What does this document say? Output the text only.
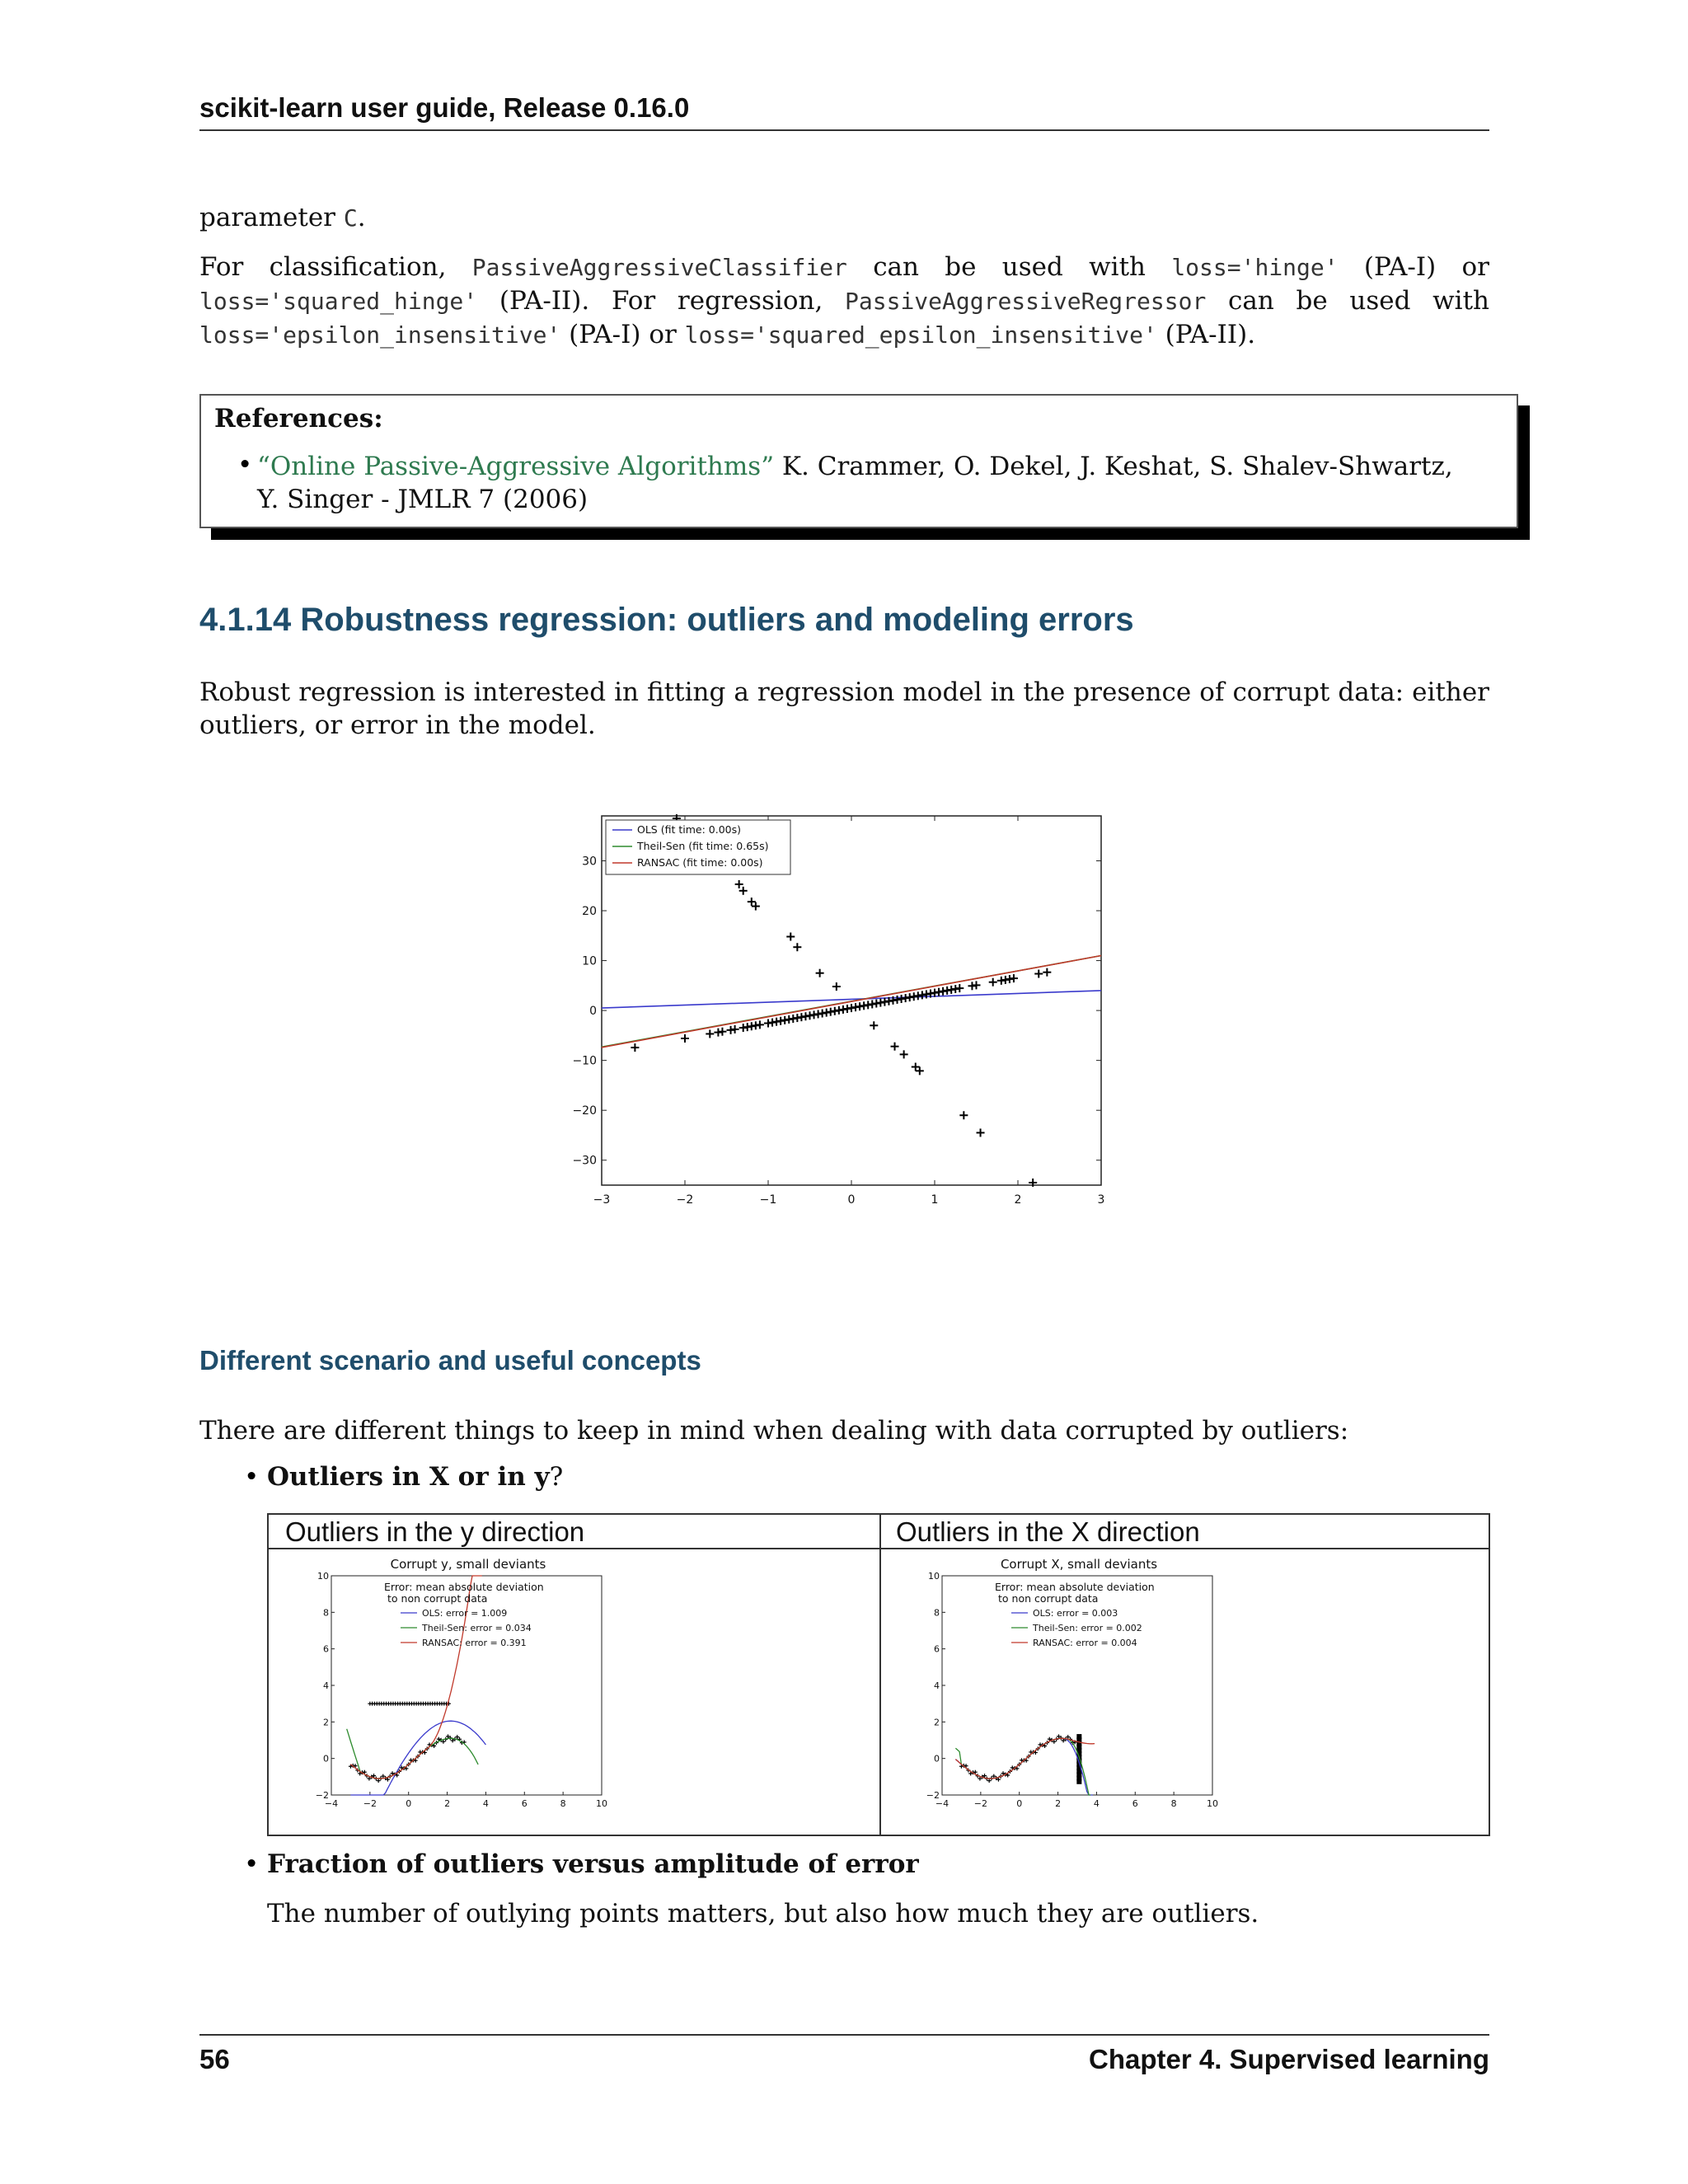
scikit-learn user guide, Release 0.16.0
parameter C.
For classification, PassiveAggressiveClassifier can be used with loss='hinge' (PA-I) or loss='squared_hinge' (PA-II). For regression, PassiveAggressiveRegressor can be used with loss='epsilon_insensitive' (PA-I) or loss='squared_epsilon_insensitive' (PA-II).
References:
• “Online Passive-Aggressive Algorithms” K. Crammer, O. Dekel, J. Keshat, S. Shalev-Shwartz, Y. Singer - JMLR 7 (2006)
4.1.14 Robustness regression: outliers and modeling errors
Robust regression is interested in fitting a regression model in the presence of corrupt data: either outliers, or error in the model.
−3	−2	−1	0	1	2	3
30
20
10
0
−10
−20
−30
OLS (fit time: 0.00s)
Theil-Sen (fit time: 0.65s)
RANSAC (fit time: 0.00s)
Different scenario and useful concepts
There are different things to keep in mind when dealing with data corrupted by outliers:
• Outliers in X or in y?
Outliers in the y direction	Outliers in the X direction
Corrupt y, small deviants
−4	−2	0	2	4	6	8	10
10
8
6
4
2
0
−2
Error: mean absolute deviation
to non corrupt data
OLS: error = 1.009
Theil-Sen: error = 0.034
RANSAC: error = 0.391
Corrupt X, small deviants
−4	−2	0	2	4	6	8	10
10
8
6
4
2
0
−2
Error: mean absolute deviation
to non corrupt data
OLS: error = 0.003
Theil-Sen: error = 0.002
RANSAC: error = 0.004
• Fraction of outliers versus amplitude of error
The number of outlying points matters, but also how much they are outliers.
56	Chapter 4. Supervised learning
